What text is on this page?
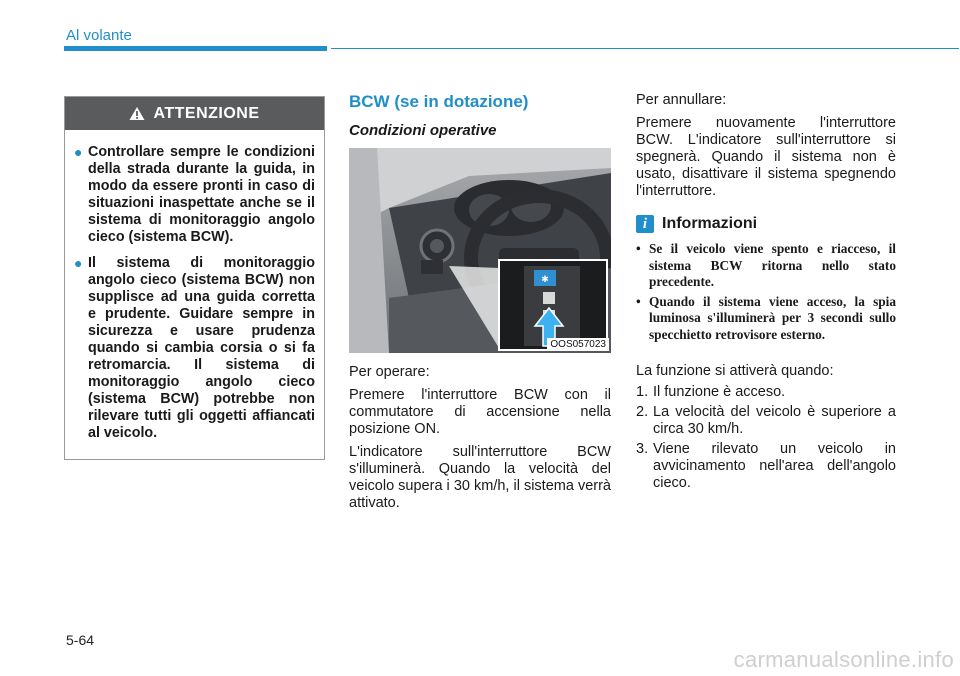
Al volante
ATTENZIONE
● Controllare sempre le condizioni della strada durante la guida, in modo da essere pronti in caso di situazioni inaspettate anche se il sistema di monitoraggio angolo cieco (sistema BCW).
● Il sistema di monitoraggio angolo cieco (sistema BCW) non supplisce ad una guida corretta e prudente. Guidare sempre in sicurezza e usare prudenza quando si cambia corsia o si fa retromarcia. Il sistema di monitoraggio angolo cieco (sistema BCW) potrebbe non rilevare tutti gli oggetti affiancati al veicolo.
BCW (se in dotazione)
Condizioni operative
✱
OOS057023

Per operare:

Premere l'interruttore BCW con il commutatore di accensione nella posizione ON.

L'indicatore sull'interruttore BCW s'illuminerà. Quando la velocità del veicolo supera i 30 km/h, il sistema verrà attivato.

Per annullare:

Premere nuovamente l'interruttore BCW. L'indicatore sull'interruttore si spegnerà. Quando il sistema non è usato, disattivare il sistema spegnendo l'interruttore.

i Informazioni
• Se il veicolo viene spento e riacceso, il sistema BCW ritorna nello stato precedente.
• Quando il sistema viene acceso, la spia luminosa s'illuminerà per 3 secondi sullo specchietto retrovisore esterno.

La funzione si attiverà quando:

1. Il funzione è acceso.
2. La velocità del veicolo è superiore a circa 30 km/h.
3. Viene rilevato un veicolo in avvicinamento nell'area dell'angolo cieco.
5-64
carmanualsonline.info
